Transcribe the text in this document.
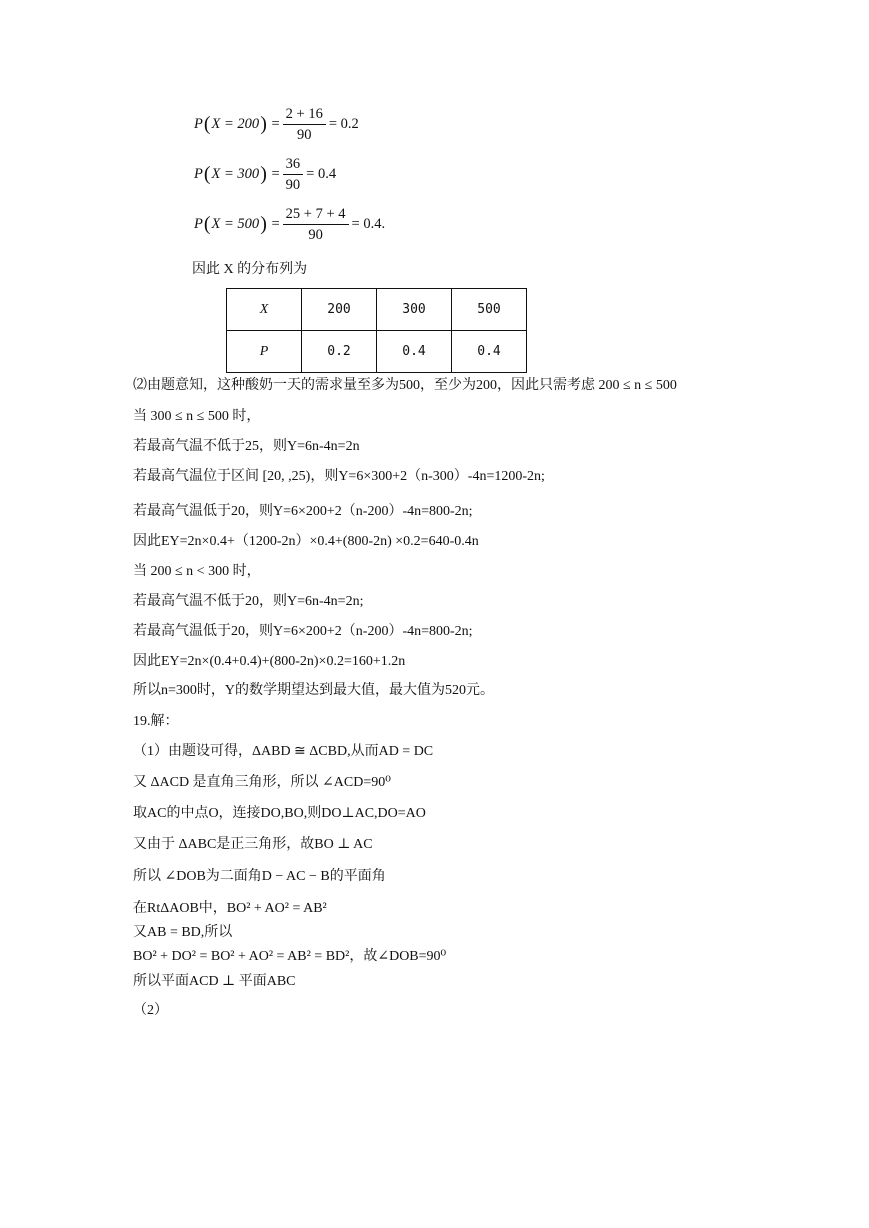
P ( X = 200 ) = $\frac{2 + 16}{90} = 0.2$
P ( X = 300 ) = $\frac{36}{90} = 0.4$
P ( X = 500 ) = $\frac{25 + 7 + 4}{90} = 0.4$ .
因此 X 的分布列为
X	200	300	500
P	0.2	0.4	0.4
⑵由题意知，这种酸奶一天的需求量至多为500，至少为200，因此只需考虑 200 ≤ n ≤ 500
当 300 ≤ n ≤ 500 时，
若最高气温不低于25，则Y=6n-4n=2n
若最高气温位于区间 [20, ,25)，则Y=6×300+2（n-300）-4n=1200-2n;
若最高气温低于20，则Y=6×200+2（n-200）-4n=800-2n;
因此EY=2n×0.4+（1200-2n）×0.4+(800-2n) ×0.2=640-0.4n
当 200 ≤ n < 300 时，
若最高气温不低于20，则Y=6n-4n=2n;
若最高气温低于20，则Y=6×200+2（n-200）-4n=800-2n;
因此EY=2n×(0.4+0.4)+(800-2n)×0.2=160+1.2n
所以n=300时，Y的数学期望达到最大值，最大值为520元。
19.解：
（1）由题设可得，ΔABD ≅ ΔCBD,从而AD = DC
又 ΔACD 是直角三角形，所以 ∠ACD=90⁰
取AC的中点O，连接DO,BO,则DO⊥AC,DO=AO
又由于 ΔABC是正三角形，故BO ⊥ AC
所以 ∠DOB为二面角D − AC − B的平面角
在RtΔAOB中，BO² + AO² = AB²
又AB = BD,所以
BO² + DO² = BO² + AO² = AB² = BD²，故∠DOB=90⁰
所以平面ACD ⊥ 平面ABC
（2）
